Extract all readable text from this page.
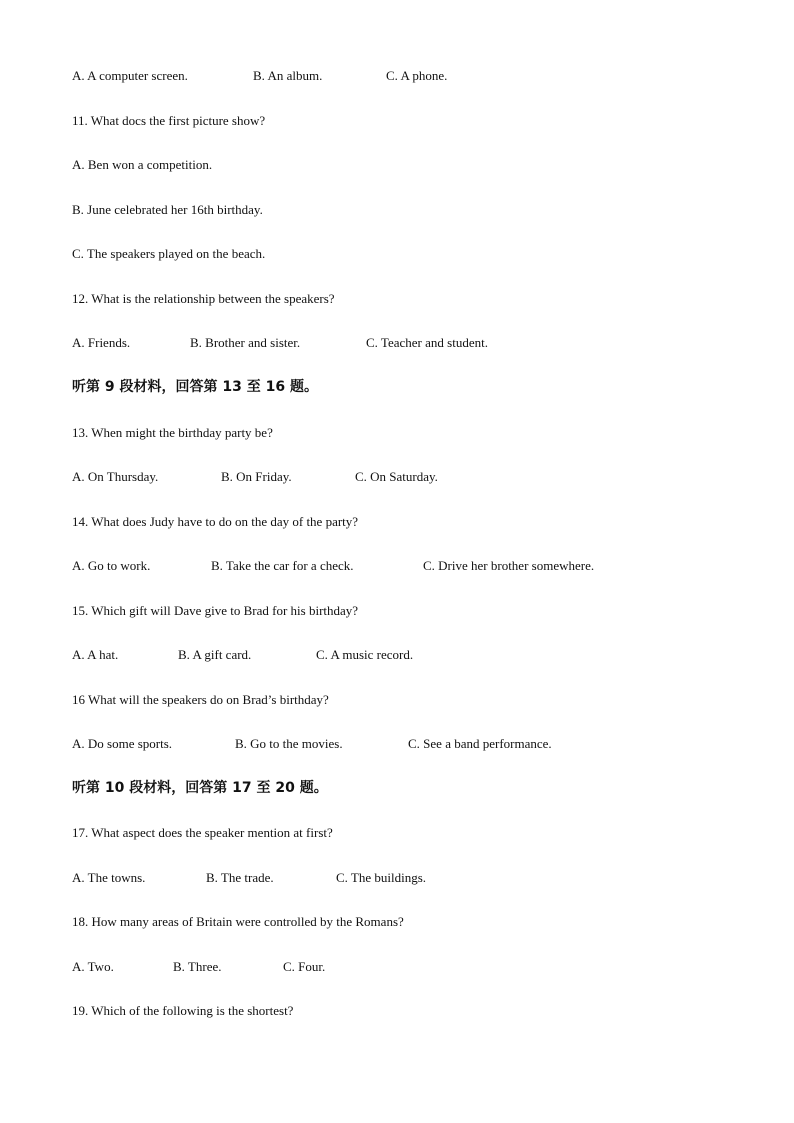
A. A computer screen.	B. An album.	C. A phone.
11. What docs the first picture show?
A. Ben won a competition.
B. June celebrated her 16th birthday.
C. The speakers played on the beach.
12. What is the relationship between the speakers?
A. Friends.	B. Brother and sister.	C. Teacher and student.
听第 9 段材料，回答第 13 至 16 题。
13. When might the birthday party be?
A. On Thursday.	B. On Friday.	C. On Saturday.
14. What does Judy have to do on the day of the party?
A. Go to work.	B. Take the car for a check.	C. Drive her brother somewhere.
15. Which gift will Dave give to Brad for his birthday?
A. A hat.	B. A gift card.	C. A music record.
16 What will the speakers do on Brad’s birthday?
A. Do some sports.	B. Go to the movies.	C. See a band performance.
听第 10 段材料，回答第 17 至 20 题。
17. What aspect does the speaker mention at first?
A. The towns.	B. The trade.	C. The buildings.
18. How many areas of Britain were controlled by the Romans?
A. Two.	B. Three.	C. Four.
19. Which of the following is the shortest?
